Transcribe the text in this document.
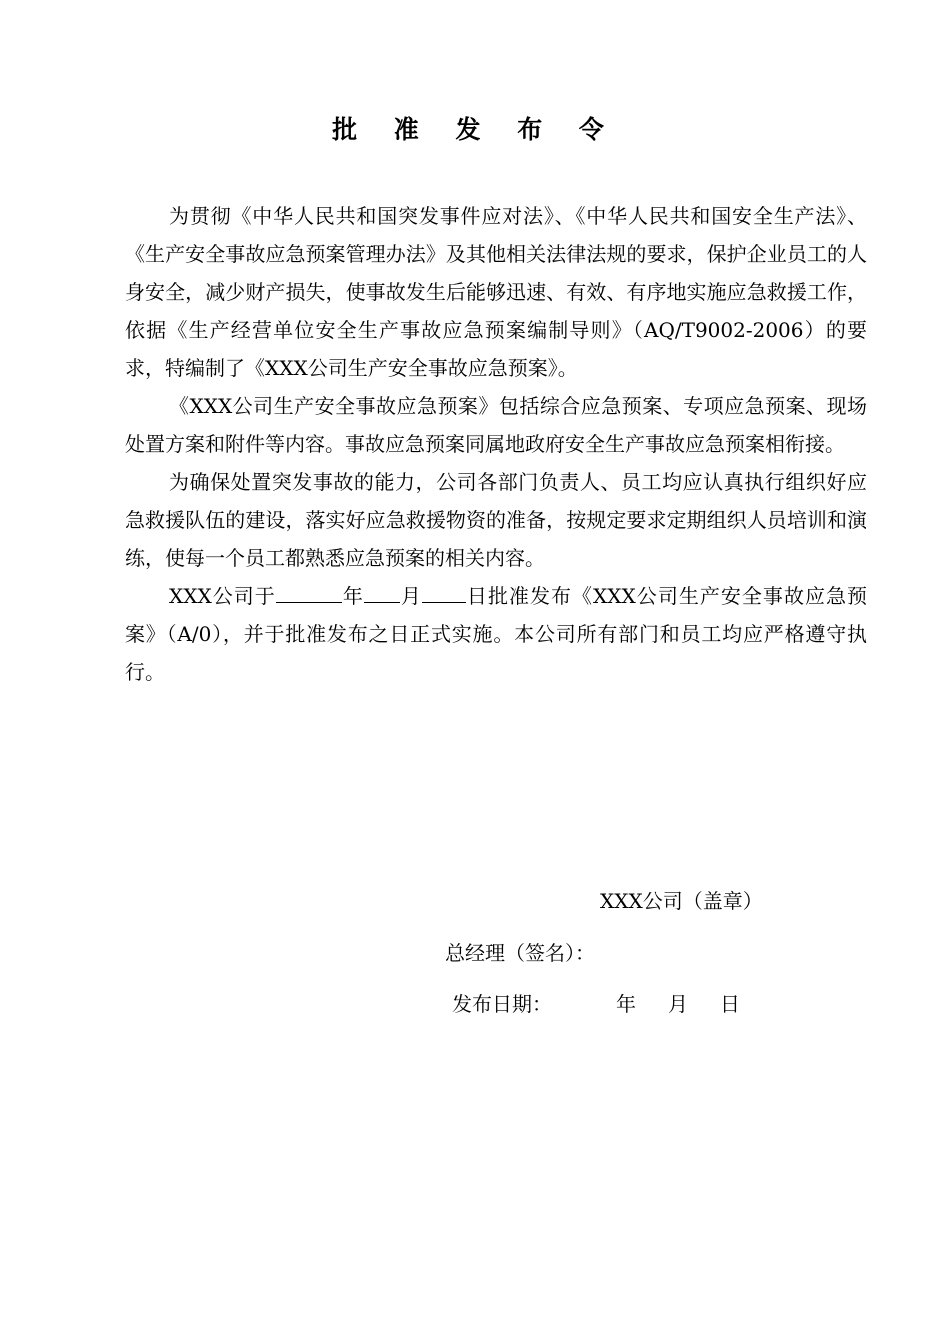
批 准 发 布 令

为贯彻《中华人民共和国突发事件应对法》、《中华人民共和国安全生产法》、《生产安全事故应急预案管理办法》及其他相关法律法规的要求，保护企业员工的人身安全，减少财产损失，使事故发生后能够迅速、有效、有序地实施应急救援工作，依据《生产经营单位安全生产事故应急预案编制导则》（AQ/T9002-2006）的要求，特编制了《XXX公司生产安全事故应急预案》。

《XXX公司生产安全事故应急预案》包括综合应急预案、专项应急预案、现场处置方案和附件等内容。事故应急预案同属地政府安全生产事故应急预案相衔接。

为确保处置突发事故的能力，公司各部门负责人、员工均应认真执行组织好应急救援队伍的建设，落实好应急救援物资的准备，按规定要求定期组织人员培训和演练，使每一个员工都熟悉应急预案的相关内容。

XXX公司于	年 月 日批准发布《XXX公司生产安全事故应急预案》（A/0），并于批准发布之日正式实施。本公司所有部门和员工均应严格遵守执行。

XXX公司（盖章）
总经理（签名）：
发布日期：	年 月 日
